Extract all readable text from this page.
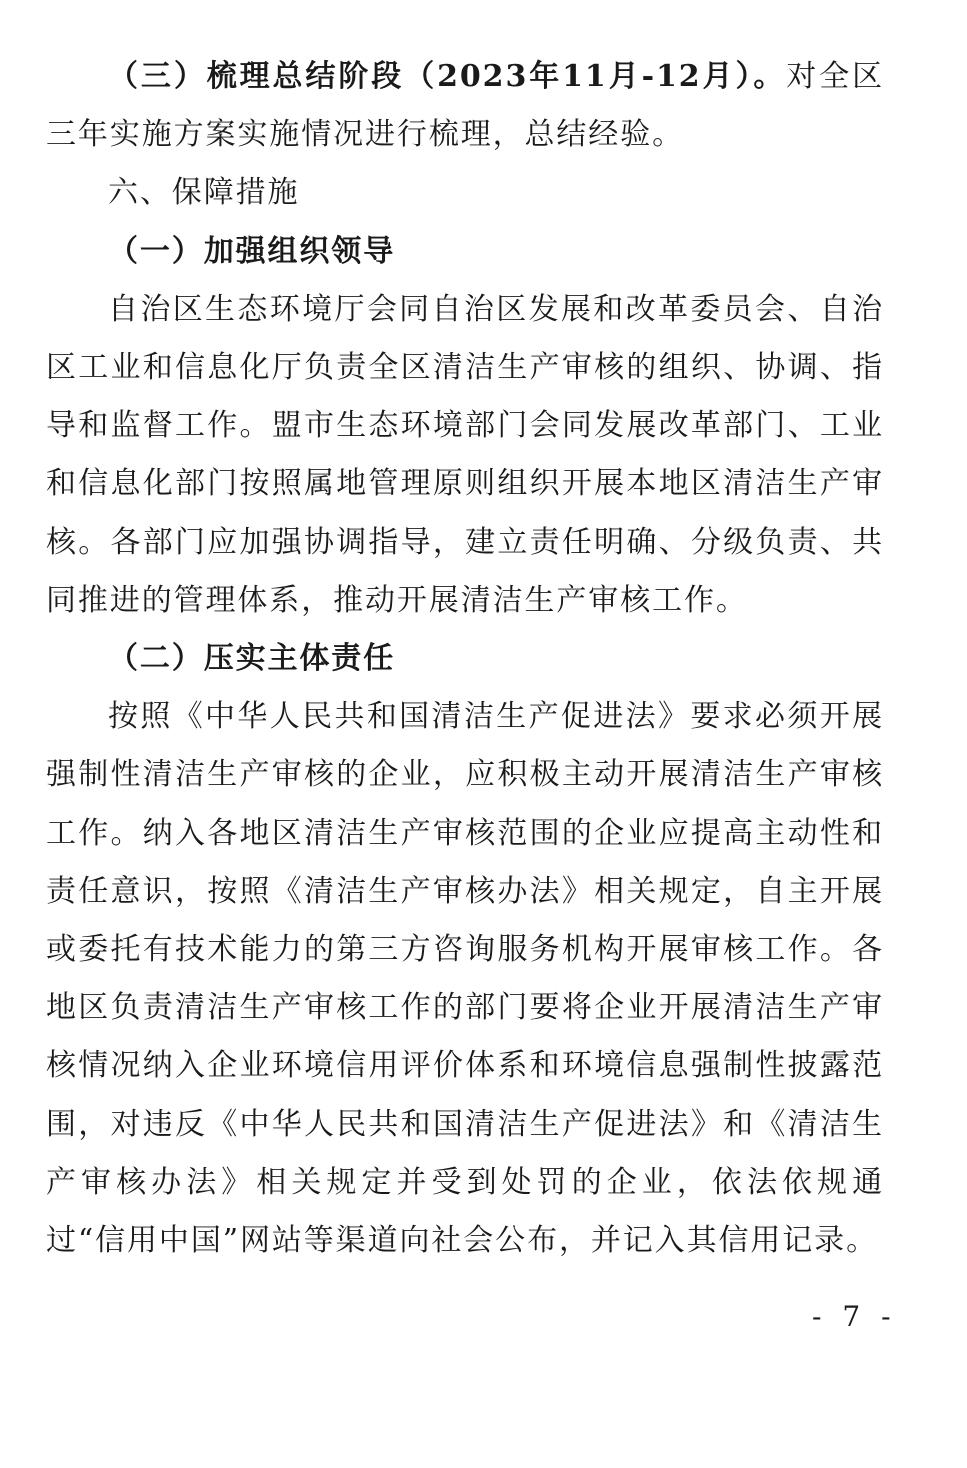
（三）梳理总结阶段（2023年11月-12月）。对全区三年实施方案实施情况进行梳理，总结经验。

六、保障措施

（一）加强组织领导

自治区生态环境厅会同自治区发展和改革委员会、自治区工业和信息化厅负责全区清洁生产审核的组织、协调、指导和监督工作。盟市生态环境部门会同发展改革部门、工业和信息化部门按照属地管理原则组织开展本地区清洁生产审核。各部门应加强协调指导，建立责任明确、分级负责、共同推进的管理体系，推动开展清洁生产审核工作。

（二）压实主体责任

按照《中华人民共和国清洁生产促进法》要求必须开展强制性清洁生产审核的企业，应积极主动开展清洁生产审核工作。纳入各地区清洁生产审核范围的企业应提高主动性和责任意识，按照《清洁生产审核办法》相关规定，自主开展或委托有技术能力的第三方咨询服务机构开展审核工作。各地区负责清洁生产审核工作的部门要将企业开展清洁生产审核情况纳入企业环境信用评价体系和环境信息强制性披露范围，对违反《中华人民共和国清洁生产促进法》和《清洁生产审核办法》相关规定并受到处罚的企业，依法依规通过“信用中国”网站等渠道向社会公布，并记入其信用记录。

- 7 -
